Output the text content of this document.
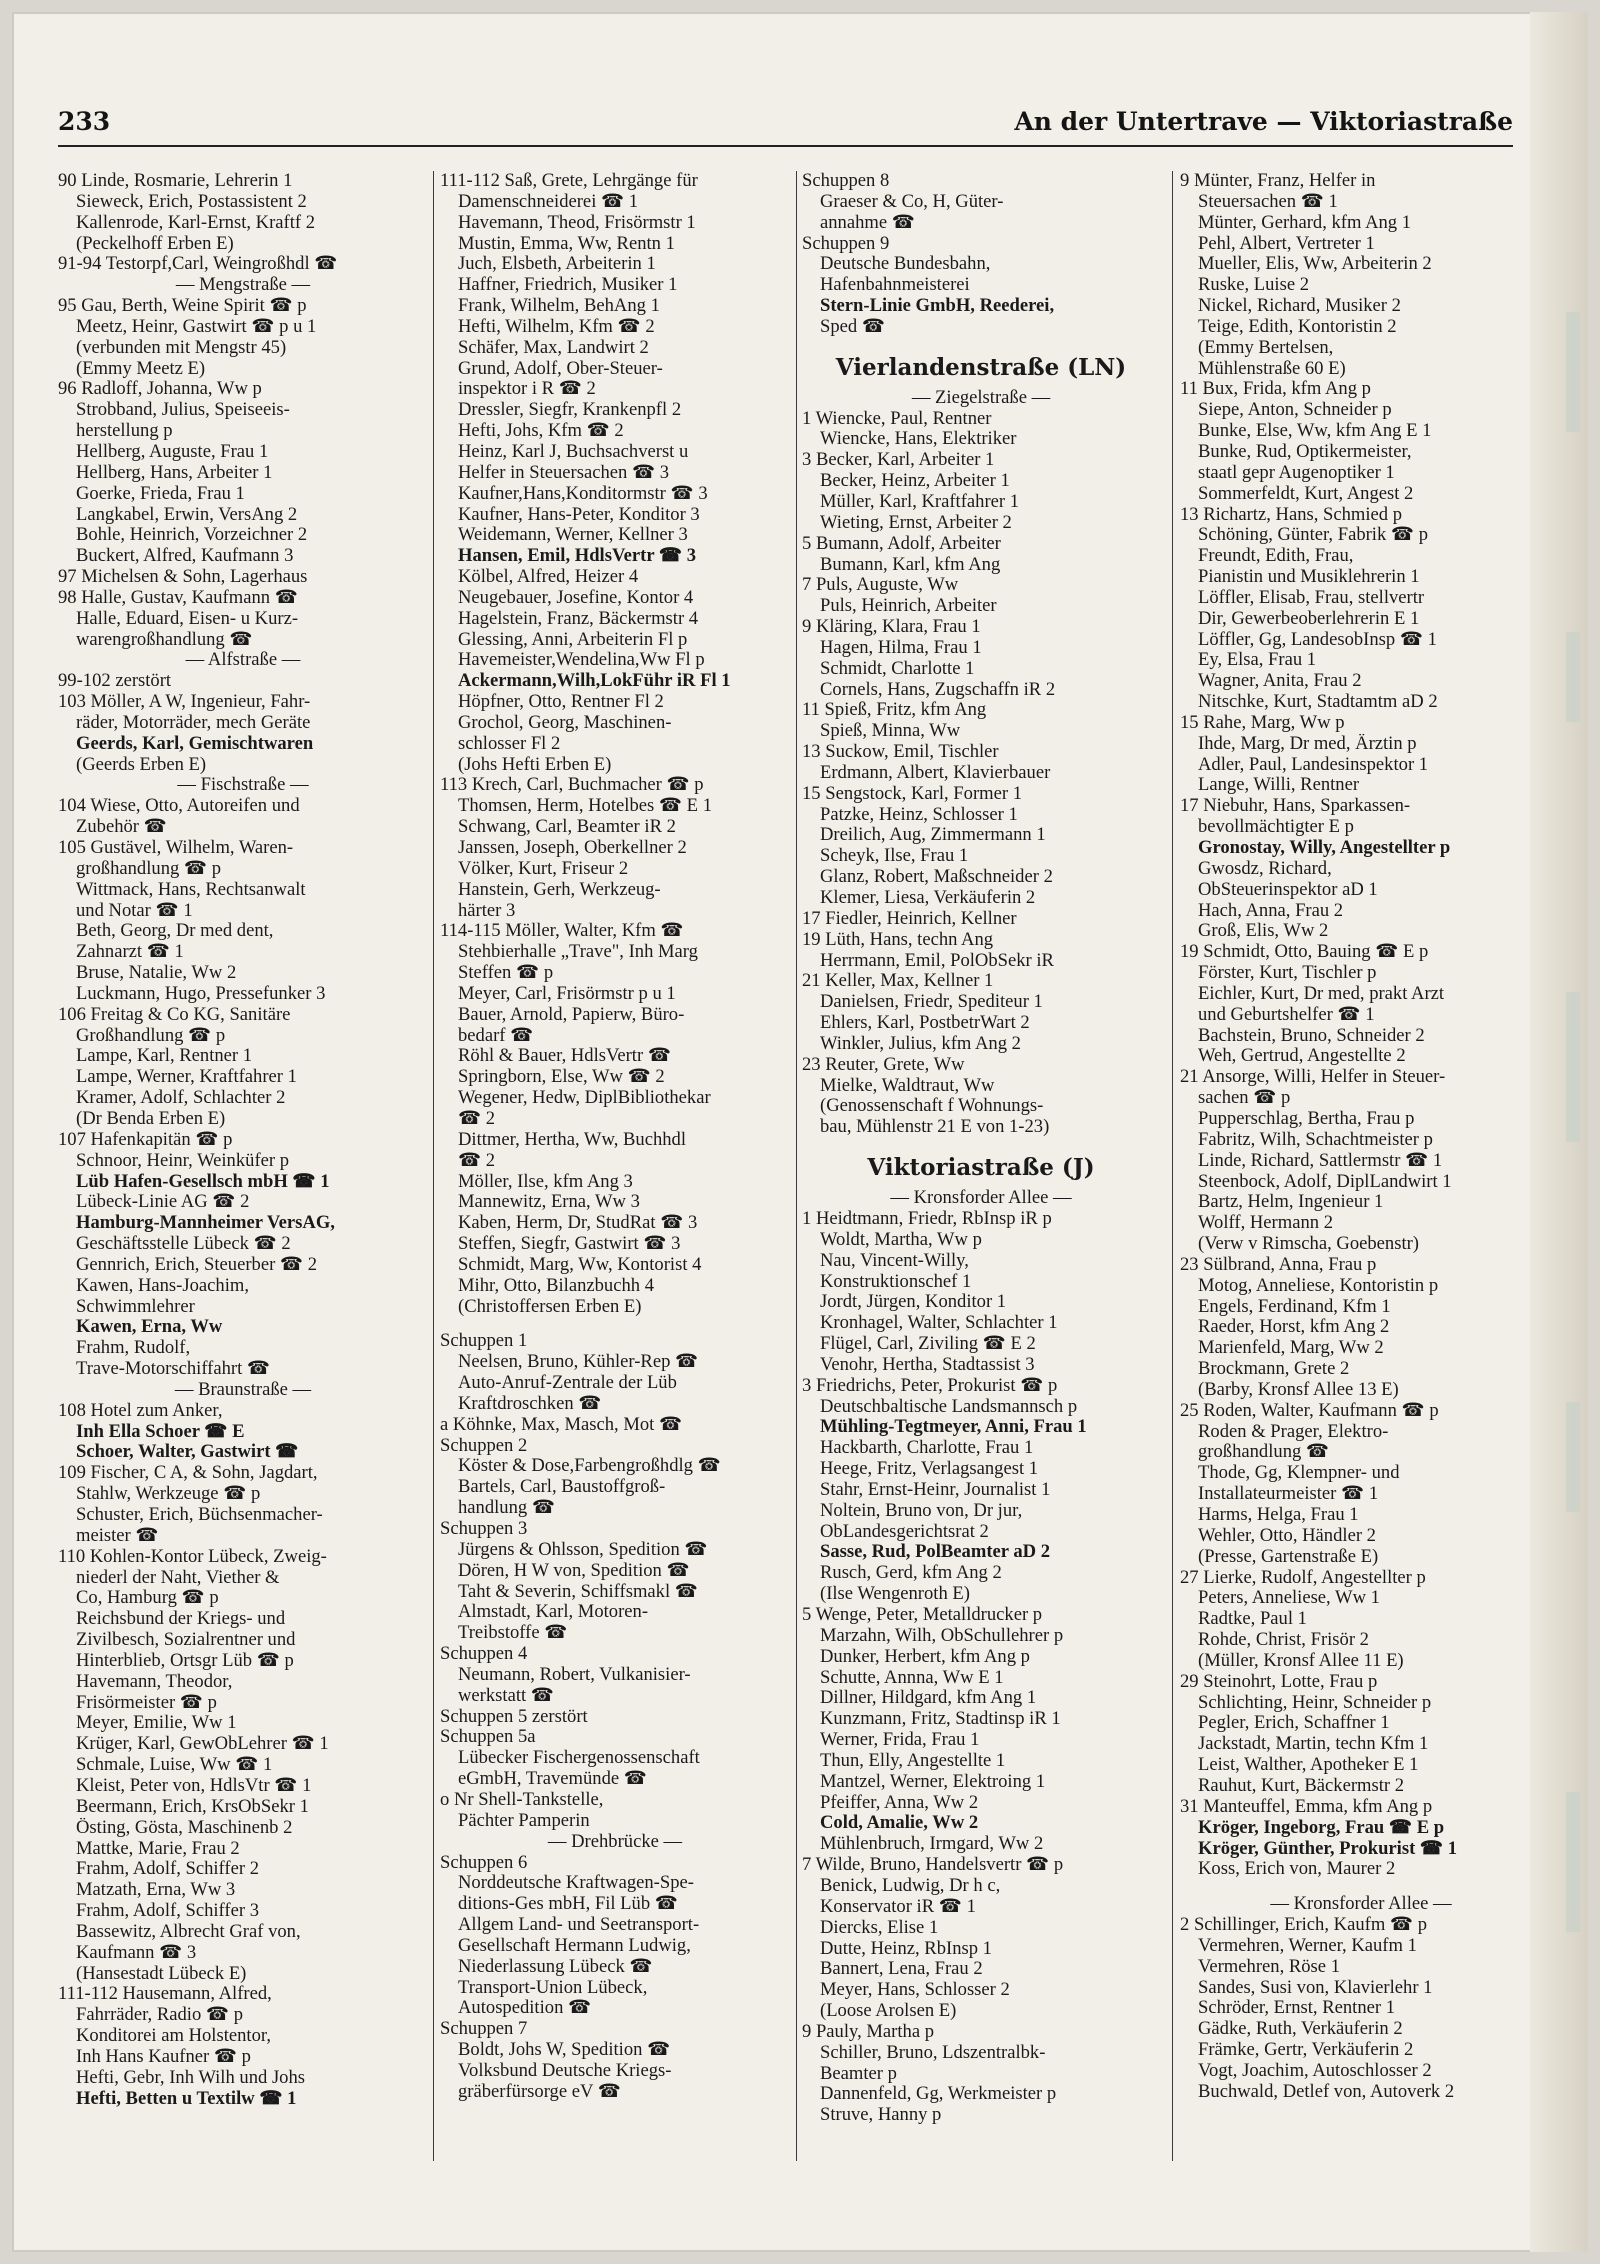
233	An der Untertrave — Viktoriastraße
90 Linde, Rosmarie, Lehrerin 1
Sieweck, Erich, Postassistent 2
Kallenrode, Karl-Ernst, Kraftf 2
(Peckelhoff Erben E)
91-94 Testorpf,Carl, Weingroßhdl ☎
— Mengstraße —
95 Gau, Berth, Weine Spirit ☎ p
Meetz, Heinr, Gastwirt ☎ p u 1
(verbunden mit Mengstr 45)
(Emmy Meetz E)
96 Radloff, Johanna, Ww p
Strobband, Julius, Speiseeis-
herstellung p
Hellberg, Auguste, Frau 1
Hellberg, Hans, Arbeiter 1
Goerke, Frieda, Frau 1
Langkabel, Erwin, VersAng 2
Bohle, Heinrich, Vorzeichner 2
Buckert, Alfred, Kaufmann 3
97 Michelsen & Sohn, Lagerhaus
98 Halle, Gustav, Kaufmann ☎
Halle, Eduard, Eisen- u Kurz-
warengroßhandlung ☎
— Alfstraße —
99-102 zerstört
103 Möller, A W, Ingenieur, Fahr-
räder, Motorräder, mech Geräte
Geerds, Karl, Gemischtwaren
(Geerds Erben E)
— Fischstraße —
104 Wiese, Otto, Autoreifen und
Zubehör ☎
105 Gustävel, Wilhelm, Waren-
großhandlung ☎ p
Wittmack, Hans, Rechtsanwalt
und Notar ☎ 1
Beth, Georg, Dr med dent,
Zahnarzt ☎ 1
Bruse, Natalie, Ww 2
Luckmann, Hugo, Pressefunker 3
106 Freitag & Co KG, Sanitäre
Großhandlung ☎ p
Lampe, Karl, Rentner 1
Lampe, Werner, Kraftfahrer 1
Kramer, Adolf, Schlachter 2
(Dr Benda Erben E)
107 Hafenkapitän ☎ p
Schnoor, Heinr, Weinküfer p
Lüb Hafen-Gesellsch mbH ☎ 1
Lübeck-Linie AG ☎ 2
Hamburg-Mannheimer VersAG,
Geschäftsstelle Lübeck ☎ 2
Gennrich, Erich, Steuerber ☎ 2
Kawen, Hans-Joachim,
Schwimmlehrer
Kawen, Erna, Ww
Frahm, Rudolf,
Trave-Motorschiffahrt ☎
— Braunstraße —
108 Hotel zum Anker,
Inh Ella Schoer ☎ E
Schoer, Walter, Gastwirt ☎
109 Fischer, C A, & Sohn, Jagdart,
Stahlw, Werkzeuge ☎ p
Schuster, Erich, Büchsenmacher-
meister ☎
110 Kohlen-Kontor Lübeck, Zweig-
niederl der Naht, Viether &
Co, Hamburg ☎ p
Reichsbund der Kriegs- und
Zivilbesch, Sozialrentner und
Hinterblieb, Ortsgr Lüb ☎ p
Havemann, Theodor,
Frisörmeister ☎ p
Meyer, Emilie, Ww 1
Krüger, Karl, GewObLehrer ☎ 1
Schmale, Luise, Ww ☎ 1
Kleist, Peter von, HdlsVtr ☎ 1
Beermann, Erich, KrsObSekr 1
Östing, Gösta, Maschinenb 2
Mattke, Marie, Frau 2
Frahm, Adolf, Schiffer 2
Matzath, Erna, Ww 3
Frahm, Adolf, Schiffer 3
Bassewitz, Albrecht Graf von,
Kaufmann ☎ 3
(Hansestadt Lübeck E)
111-112 Hausemann, Alfred,
Fahrräder, Radio ☎ p
Konditorei am Holstentor,
Inh Hans Kaufner ☎ p
Hefti, Gebr, Inh Wilh und Johs
Hefti, Betten u Textilw ☎ 1
111-112 Saß, Grete, Lehrgänge für
Damenschneiderei ☎ 1
Havemann, Theod, Frisörmstr 1
Mustin, Emma, Ww, Rentn 1
Juch, Elsbeth, Arbeiterin 1
Haffner, Friedrich, Musiker 1
Frank, Wilhelm, BehAng 1
Hefti, Wilhelm, Kfm ☎ 2
Schäfer, Max, Landwirt 2
Grund, Adolf, Ober-Steuer-
inspektor i R ☎ 2
Dressler, Siegfr, Krankenpfl 2
Hefti, Johs, Kfm ☎ 2
Heinz, Karl J, Buchsachverst u
Helfer in Steuersachen ☎ 3
Kaufner,Hans,Konditormstr ☎ 3
Kaufner, Hans-Peter, Konditor 3
Weidemann, Werner, Kellner 3
Hansen, Emil, HdlsVertr ☎ 3
Kölbel, Alfred, Heizer 4
Neugebauer, Josefine, Kontor 4
Hagelstein, Franz, Bäckermstr 4
Glessing, Anni, Arbeiterin Fl p
Havemeister,Wendelina,Ww Fl p
Ackermann,Wilh,LokFühr iR Fl 1
Höpfner, Otto, Rentner Fl 2
Grochol, Georg, Maschinen-
schlosser Fl 2
(Johs Hefti Erben E)
113 Krech, Carl, Buchmacher ☎ p
Thomsen, Herm, Hotelbes ☎ E 1
Schwang, Carl, Beamter iR 2
Janssen, Joseph, Oberkellner 2
Völker, Kurt, Friseur 2
Hanstein, Gerh, Werkzeug-
härter 3
114-115 Möller, Walter, Kfm ☎
Stehbierhalle „Trave", Inh Marg
Steffen ☎ p
Meyer, Carl, Frisörmstr p u 1
Bauer, Arnold, Papierw, Büro-
bedarf ☎
Röhl & Bauer, HdlsVertr ☎
Springborn, Else, Ww ☎ 2
Wegener, Hedw, DiplBibliothekar
☎ 2
Dittmer, Hertha, Ww, Buchhdl
☎ 2
Möller, Ilse, kfm Ang 3
Mannewitz, Erna, Ww 3
Kaben, Herm, Dr, StudRat ☎ 3
Steffen, Siegfr, Gastwirt ☎ 3
Schmidt, Marg, Ww, Kontorist 4
Mihr, Otto, Bilanzbuchh 4
(Christoffersen Erben E)
Schuppen 1
Neelsen, Bruno, Kühler-Rep ☎
Auto-Anruf-Zentrale der Lüb
Kraftdroschken ☎
a Köhnke, Max, Masch, Mot ☎
Schuppen 2
Köster & Dose,Farbengroßhdlg ☎
Bartels, Carl, Baustoffgroß-
handlung ☎
Schuppen 3
Jürgens & Ohlsson, Spedition ☎
Dören, H W von, Spedition ☎
Taht & Severin, Schiffsmakl ☎
Almstadt, Karl, Motoren-
Treibstoffe ☎
Schuppen 4
Neumann, Robert, Vulkanisier-
werkstatt ☎
Schuppen 5 zerstört
Schuppen 5a
Lübecker Fischergenossenschaft
eGmbH, Travemünde ☎
o Nr Shell-Tankstelle,
Pächter Pamperin
— Drehbrücke —
Schuppen 6
Norddeutsche Kraftwagen-Spe-
ditions-Ges mbH, Fil Lüb ☎
Allgem Land- und Seetransport-
Gesellschaft Hermann Ludwig,
Niederlassung Lübeck ☎
Transport-Union Lübeck,
Autospedition ☎
Schuppen 7
Boldt, Johs W, Spedition ☎
Volksbund Deutsche Kriegs-
gräberfürsorge eV ☎
Schuppen 8
Graeser & Co, H, Güter-
annahme ☎
Schuppen 9
Deutsche Bundesbahn,
Hafenbahnmeisterei
Stern-Linie GmbH, Reederei,
Sped ☎
Vierlandenstraße (LN)
— Ziegelstraße —
1 Wiencke, Paul, Rentner
Wiencke, Hans, Elektriker
3 Becker, Karl, Arbeiter 1
Becker, Heinz, Arbeiter 1
Müller, Karl, Kraftfahrer 1
Wieting, Ernst, Arbeiter 2
5 Bumann, Adolf, Arbeiter
Bumann, Karl, kfm Ang
7 Puls, Auguste, Ww
Puls, Heinrich, Arbeiter
9 Kläring, Klara, Frau 1
Hagen, Hilma, Frau 1
Schmidt, Charlotte 1
Cornels, Hans, Zugschaffn iR 2
11 Spieß, Fritz, kfm Ang
Spieß, Minna, Ww
13 Suckow, Emil, Tischler
Erdmann, Albert, Klavierbauer
15 Sengstock, Karl, Former 1
Patzke, Heinz, Schlosser 1
Dreilich, Aug, Zimmermann 1
Scheyk, Ilse, Frau 1
Glanz, Robert, Maßschneider 2
Klemer, Liesa, Verkäuferin 2
17 Fiedler, Heinrich, Kellner
19 Lüth, Hans, techn Ang
Herrmann, Emil, PolObSekr iR
21 Keller, Max, Kellner 1
Danielsen, Friedr, Spediteur 1
Ehlers, Karl, PostbetrWart 2
Winkler, Julius, kfm Ang 2
23 Reuter, Grete, Ww
Mielke, Waldtraut, Ww
(Genossenschaft f Wohnungs-
bau, Mühlenstr 21 E von 1-23)
Viktoriastraße (J)
— Kronsforder Allee —
1 Heidtmann, Friedr, RbInsp iR p
Woldt, Martha, Ww p
Nau, Vincent-Willy,
Konstruktionschef 1
Jordt, Jürgen, Konditor 1
Kronhagel, Walter, Schlachter 1
Flügel, Carl, Ziviling ☎ E 2
Venohr, Hertha, Stadtassist 3
3 Friedrichs, Peter, Prokurist ☎ p
Deutschbaltische Landsmannsch p
Mühling-Tegtmeyer, Anni, Frau 1
Hackbarth, Charlotte, Frau 1
Heege, Fritz, Verlagsangest 1
Stahr, Ernst-Heinr, Journalist 1
Noltein, Bruno von, Dr jur,
ObLandesgerichtsrat 2
Sasse, Rud, PolBeamter aD 2
Rusch, Gerd, kfm Ang 2
(Ilse Wengenroth E)
5 Wenge, Peter, Metalldrucker p
Marzahn, Wilh, ObSchullehrer p
Dunker, Herbert, kfm Ang p
Schutte, Annna, Ww E 1
Dillner, Hildgard, kfm Ang 1
Kunzmann, Fritz, Stadtinsp iR 1
Werner, Frida, Frau 1
Thun, Elly, Angestellte 1
Mantzel, Werner, Elektroing 1
Pfeiffer, Anna, Ww 2
Cold, Amalie, Ww 2
Mühlenbruch, Irmgard, Ww 2
7 Wilde, Bruno, Handelsvertr ☎ p
Benick, Ludwig, Dr h c,
Konservator iR ☎ 1
Diercks, Elise 1
Dutte, Heinz, RbInsp 1
Bannert, Lena, Frau 2
Meyer, Hans, Schlosser 2
(Loose Arolsen E)
9 Pauly, Martha p
Schiller, Bruno, Ldszentralbk-
Beamter p
Dannenfeld, Gg, Werkmeister p
Struve, Hanny p
9 Münter, Franz, Helfer in
Steuersachen ☎ 1
Münter, Gerhard, kfm Ang 1
Pehl, Albert, Vertreter 1
Mueller, Elis, Ww, Arbeiterin 2
Ruske, Luise 2
Nickel, Richard, Musiker 2
Teige, Edith, Kontoristin 2
(Emmy Bertelsen,
Mühlenstraße 60 E)
11 Bux, Frida, kfm Ang p
Siepe, Anton, Schneider p
Bunke, Else, Ww, kfm Ang E 1
Bunke, Rud, Optikermeister,
staatl gepr Augenoptiker 1
Sommerfeldt, Kurt, Angest 2
13 Richartz, Hans, Schmied p
Schöning, Günter, Fabrik ☎ p
Freundt, Edith, Frau,
Pianistin und Musiklehrerin 1
Löffler, Elisab, Frau, stellvertr
Dir, Gewerbeoberlehrerin E 1
Löffler, Gg, LandesobInsp ☎ 1
Ey, Elsa, Frau 1
Wagner, Anita, Frau 2
Nitschke, Kurt, Stadtamtm aD 2
15 Rahe, Marg, Ww p
Ihde, Marg, Dr med, Ärztin p
Adler, Paul, Landesinspektor 1
Lange, Willi, Rentner
17 Niebuhr, Hans, Sparkassen-
bevollmächtigter E p
Gronostay, Willy, Angestellter p
Gwosdz, Richard,
ObSteuerinspektor aD 1
Hach, Anna, Frau 2
Groß, Elis, Ww 2
19 Schmidt, Otto, Bauing ☎ E p
Förster, Kurt, Tischler p
Eichler, Kurt, Dr med, prakt Arzt
und Geburtshelfer ☎ 1
Bachstein, Bruno, Schneider 2
Weh, Gertrud, Angestellte 2
21 Ansorge, Willi, Helfer in Steuer-
sachen ☎ p
Pupperschlag, Bertha, Frau p
Fabritz, Wilh, Schachtmeister p
Linde, Richard, Sattlermstr ☎ 1
Steenbock, Adolf, DiplLandwirt 1
Bartz, Helm, Ingenieur 1
Wolff, Hermann 2
(Verw v Rimscha, Goebenstr)
23 Sülbrand, Anna, Frau p
Motog, Anneliese, Kontoristin p
Engels, Ferdinand, Kfm 1
Raeder, Horst, kfm Ang 2
Marienfeld, Marg, Ww 2
Brockmann, Grete 2
(Barby, Kronsf Allee 13 E)
25 Roden, Walter, Kaufmann ☎ p
Roden & Prager, Elektro-
großhandlung ☎
Thode, Gg, Klempner- und
Installateurmeister ☎ 1
Harms, Helga, Frau 1
Wehler, Otto, Händler 2
(Presse, Gartenstraße E)
27 Lierke, Rudolf, Angestellter p
Peters, Anneliese, Ww 1
Radtke, Paul 1
Rohde, Christ, Frisör 2
(Müller, Kronsf Allee 11 E)
29 Steinohrt, Lotte, Frau p
Schlichting, Heinr, Schneider p
Pegler, Erich, Schaffner 1
Jackstadt, Martin, techn Kfm 1
Leist, Walther, Apotheker E 1
Rauhut, Kurt, Bäckermstr 2
31 Manteuffel, Emma, kfm Ang p
Kröger, Ingeborg, Frau ☎ E p
Kröger, Günther, Prokurist ☎ 1
Koss, Erich von, Maurer 2
— Kronsforder Allee —
2 Schillinger, Erich, Kaufm ☎ p
Vermehren, Werner, Kaufm 1
Vermehren, Röse 1
Sandes, Susi von, Klavierlehr 1
Schröder, Ernst, Rentner 1
Gädke, Ruth, Verkäuferin 2
Främke, Gertr, Verkäuferin 2
Vogt, Joachim, Autoschlosser 2
Buchwald, Detlef von, Autoverk 2
